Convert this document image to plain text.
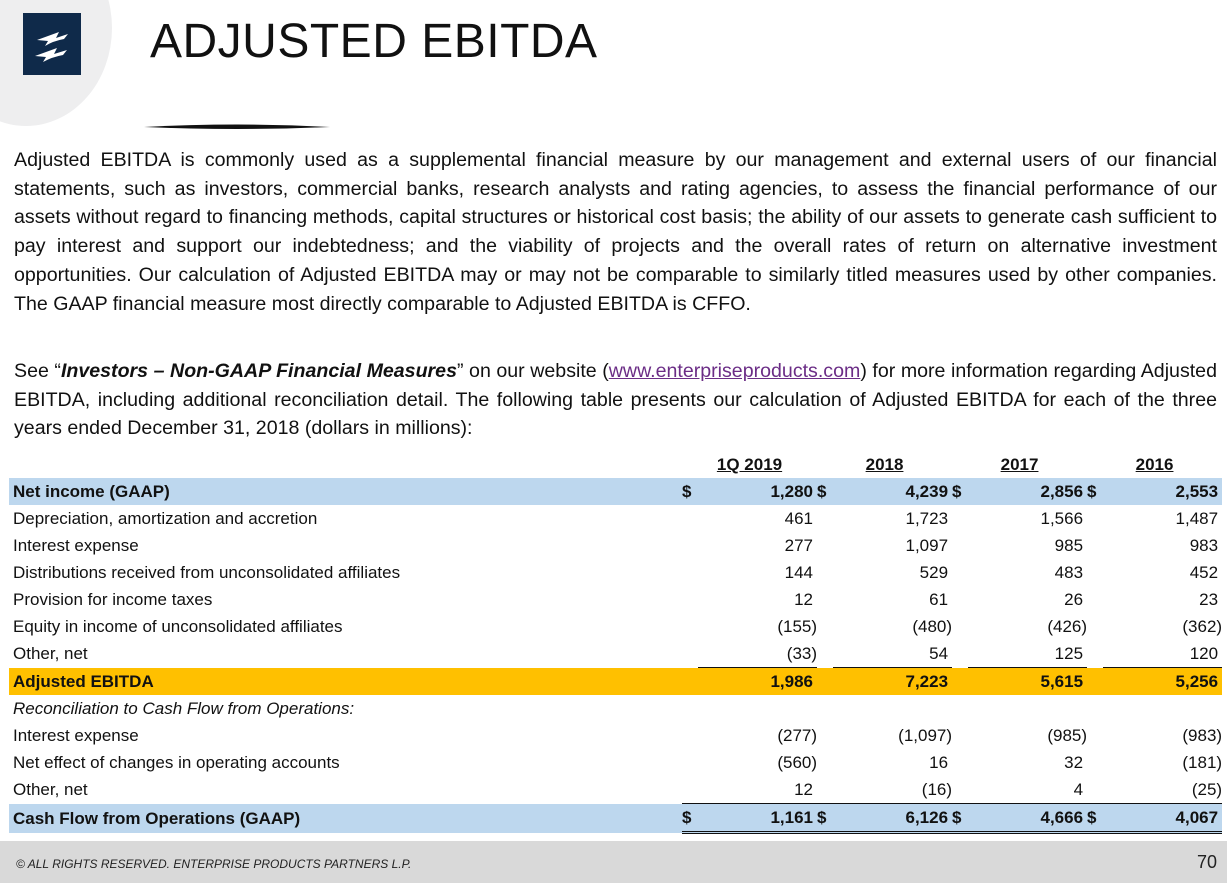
ADJUSTED EBITDA

Adjusted EBITDA is commonly used as a supplemental financial measure by our management and external users of our financial statements, such as investors, commercial banks, research analysts and rating agencies, to assess the financial performance of our assets without regard to financing methods, capital structures or historical cost basis; the ability of our assets to generate cash sufficient to pay interest and support our indebtedness; and the viability of projects and the overall rates of return on alternative investment opportunities. Our calculation of Adjusted EBITDA may or may not be comparable to similarly titled measures used by other companies. The GAAP financial measure most directly comparable to Adjusted EBITDA is CFFO.

See “Investors – Non-GAAP Financial Measures” on our website (www.enterpriseproducts.com) for more information regarding Adjusted EBITDA, including additional reconciliation detail. The following table presents our calculation of Adjusted EBITDA for each of the three years ended December 31, 2018 (dollars in millions):

	1Q 2019		2018		2017		2016	
Net income (GAAP)	$	1,280	$	4,239	$	2,856	$	2,553
Depreciation, amortization and accretion		461		1,723		1,566		1,487
Interest expense		277		1,097		985		983
Distributions received from unconsolidated affiliates		144		529		483		452
Provision for income taxes		12		61		26		23
Equity in income of unconsolidated affiliates		(155)		(480)		(426)		(362)
Other, net		(33)		54		125		120
Adjusted EBITDA		1,986		7,223		5,615		5,256
Reconciliation to Cash Flow from Operations:								
Interest expense		(277)		(1,097)		(985)		(983)
Net effect of changes in operating accounts		(560)		16		32		(181)
Other, net		12		(16)		4		(25)
Cash Flow from Operations (GAAP)	$	1,161	$	6,126	$	4,666	$	4,067
© ALL RIGHTS RESERVED. ENTERPRISE PRODUCTS PARTNERS L.P.	70
